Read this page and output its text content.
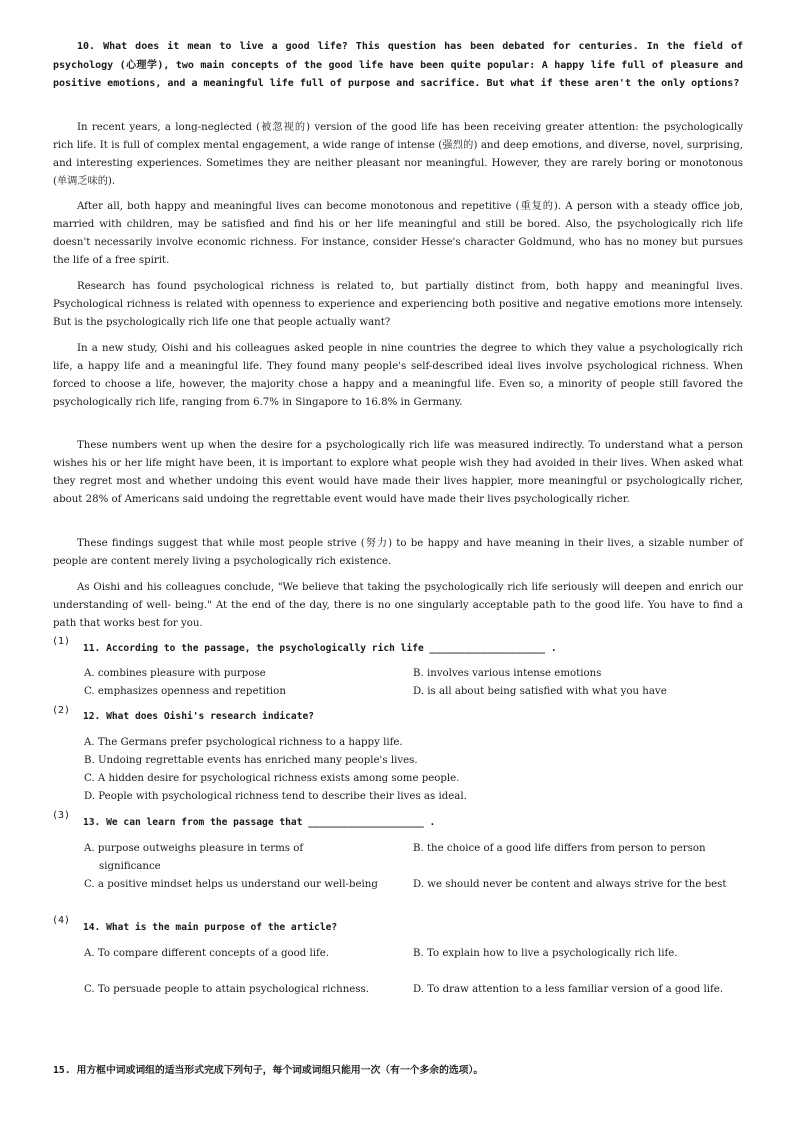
10. What does it mean to live a good life? This question has been debated for centuries. In the field of psychology (心理学), two main concepts of the good life have been quite popular: A happy life full of pleasure and positive emotions, and a meaningful life full of purpose and sacrifice. But what if these aren't the only options?

In recent years, a long-neglected (被忽视的) version of the good life has been receiving greater attention: the psychologically rich life. It is full of complex mental engagement, a wide range of intense (强烈的) and deep emotions, and diverse, novel, surprising, and interesting experiences. Sometimes they are neither pleasant nor meaningful. However, they are rarely boring or monotonous (单调乏味的).

After all, both happy and meaningful lives can become monotonous and repetitive (重复的). A person with a steady office job, married with children, may be satisfied and find his or her life meaningful and still be bored. Also, the psychologically rich life doesn't necessarily involve economic richness. For instance, consider Hesse's character Goldmund, who has no money but pursues the life of a free spirit.

Research has found psychological richness is related to, but partially distinct from, both happy and meaningful lives. Psychological richness is related with openness to experience and experiencing both positive and negative emotions more intensely. But is the psychologically rich life one that people actually want?

In a new study, Oishi and his colleagues asked people in nine countries the degree to which they value a psychologically rich life, a happy life and a meaningful life. They found many people's self-described ideal lives involve psychological richness. When forced to choose a life, however, the majority chose a happy and a meaningful life. Even so, a minority of people still favored the psychologically rich life, ranging from 6.7% in Singapore to 16.8% in Germany.

These numbers went up when the desire for a psychologically rich life was measured indirectly. To understand what a person wishes his or her life might have been, it is important to explore what people wish they had avoided in their lives. When asked what they regret most and whether undoing this event would have made their lives happier, more meaningful or psychologically richer, about 28% of Americans said undoing the regrettable event would have made their lives psychologically richer.

These findings suggest that while most people strive (努力) to be happy and have meaning in their lives, a sizable number of people are content merely living a psychologically rich existence.

As Oishi and his colleagues conclude, "We believe that taking the psychologically rich life seriously will deepen and enrich our understanding of well- being." At the end of the day, there is no one singularly acceptable path to the good life. You have to find a path that works best for you.

(1)
11. According to the passage, the psychologically rich life ____________________ .
A. combines pleasure with purpose	B. involves various intense emotions
C. emphasizes openness and repetition	D. is all about being satisfied with what you have
(2)
12. What does Oishi's research indicate?
A. The Germans prefer psychological richness to a happy life.
B. Undoing regrettable events has enriched many people's lives.
C. A hidden desire for psychological richness exists among some people.
D. People with psychological richness tend to describe their lives as ideal.
(3)
13. We can learn from the passage that ____________________ .
A. purpose outweighs pleasure in terms of significance
B. the choice of a good life differs from person to person
C. a positive mindset helps us understand our well-being	D. we should never be content and always strive for the best
(4)
14. What is the main purpose of the article?
A. To compare different concepts of a good life.	B. To explain how to live a psychologically rich life.
C. To persuade people to attain psychological richness.	D. To draw attention to a less familiar version of a good life.
15. 用方框中词或词组的适当形式完成下列句子，每个词或词组只能用一次（有一个多余的选项）。
